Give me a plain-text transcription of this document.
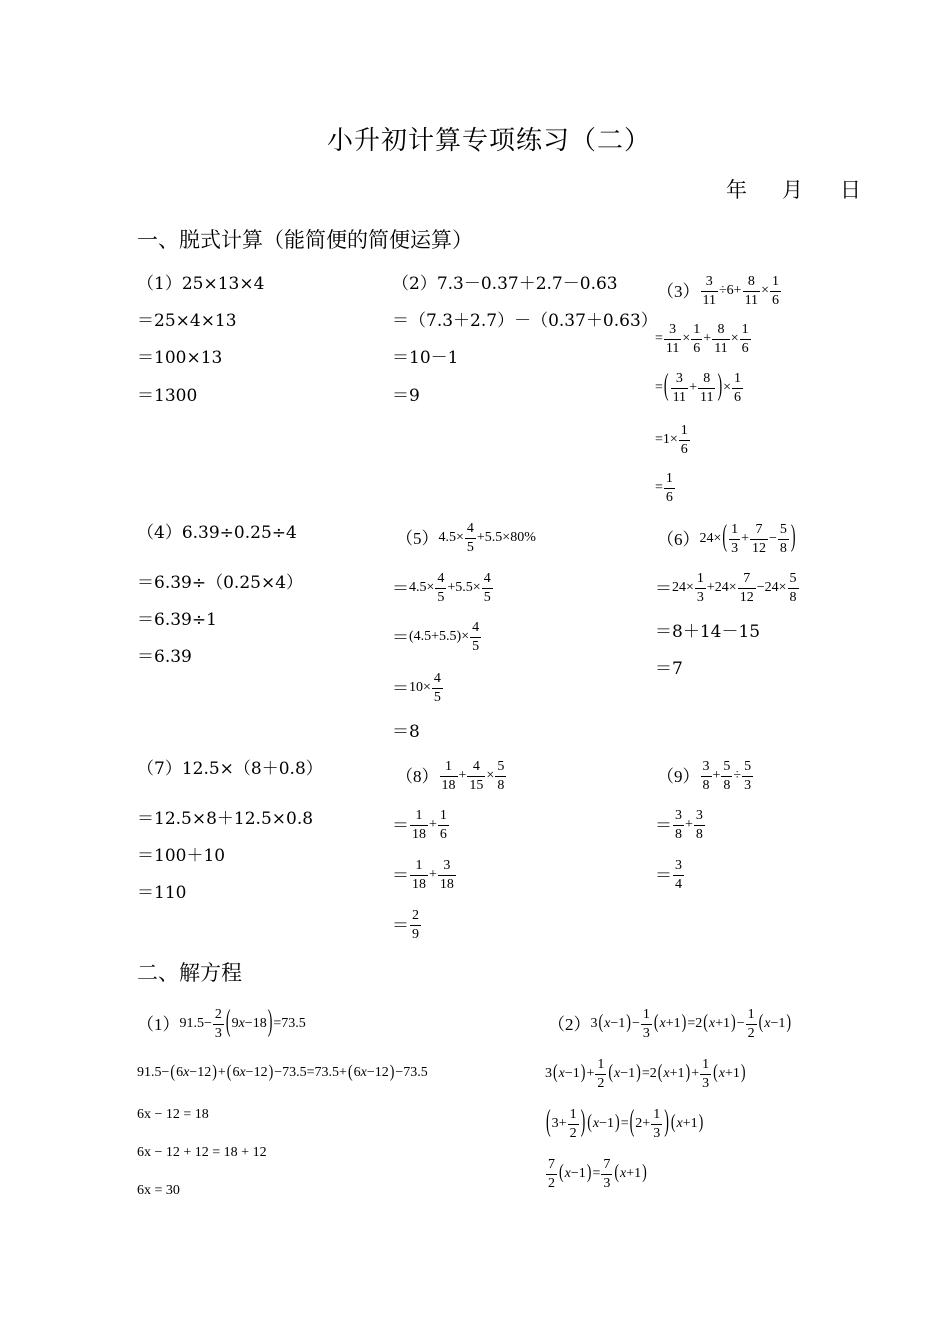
小升初计算专项练习（二）
年 月 日
一、脱式计算（能简便的简便运算）
（1）25×13×4
＝25×4×13
＝100×13
＝1300
（2）7.3－0.37＋2.7－0.63
＝（7.3＋2.7）－（0.37＋0.63）
＝10－1
＝9
$(3) \frac{3}{11} \div 6+ \frac{8}{11} \times \frac{1}{6}$
= $\frac{3}{11} \times \frac{1}{6} + \frac{8}{11} \times \frac{1}{6}$
= ( $\frac{3}{11} + \frac{8}{11}$ ) × $\frac{1}{6}$
$=1\times \frac{1}{6}$
= $\frac{1}{6}$
（4）6.39÷0.25÷4
＝6.39÷（0.25×4）
＝6.39÷1
＝6.39
（5） $4.5\times \frac{4}{5} +5.5\times 80\%$
＝ $4.5\times \frac{4}{5} +5.5\times \frac{4}{5}$
＝ $(4.5+5.5)\times \frac{4}{5}$
＝ $10\times \frac{4}{5}$
＝8
（6） 24× ( $\frac{1}{3} + \frac{7}{12} - \frac{5}{8}$ )
＝ $24\times \frac{1}{3} +24\times \frac{7}{12} -24\times \frac{5}{8}$
＝8＋14－15
＝7
（7）12.5×（8＋0.8）
＝12.5×8＋12.5×0.8
＝100＋10
＝110
$(8) \frac{1}{18} + \frac{4}{15} \times \frac{5}{8}$
＝ $\frac{1}{18} + \frac{1}{6}$
＝ $\frac{1}{18} + \frac{3}{18}$
＝ $\frac{2}{9}$
$(9) \frac{3}{8} + \frac{5}{8} \div \frac{5}{3}$
＝ $\frac{3}{8} + \frac{3}{8}$
＝ $\frac{3}{4}$
二、解方程
（1） $91.5- \frac{2}{3}$ ( 9 x −18 ) =73.5
91.5− ( 6 x −12 ) + ( 6 x −12 ) −73.5=73.5+ ( 6 x −12 ) −73.5
6x − 12 = 18
6x − 12 + 12 = 18 + 12
6x = 30
（2） 3 ( x −1 ) − $\frac{1}{3}$ ( x +1 ) =2 ( x +1 ) − $\frac{1}{2}$ ( x −1 )
3 ( x −1 ) + $\frac{1}{2}$ ( x −1 ) =2 ( x +1 ) + $\frac{1}{3}$ ( x +1 )
( $3+ \frac{1}{2}$ ) ( x −1 ) = ( $2+ \frac{1}{3}$ ) ( x +1 )
$\frac{7}{2}$ ( x −1 ) = $\frac{7}{3}$ ( x +1 )
